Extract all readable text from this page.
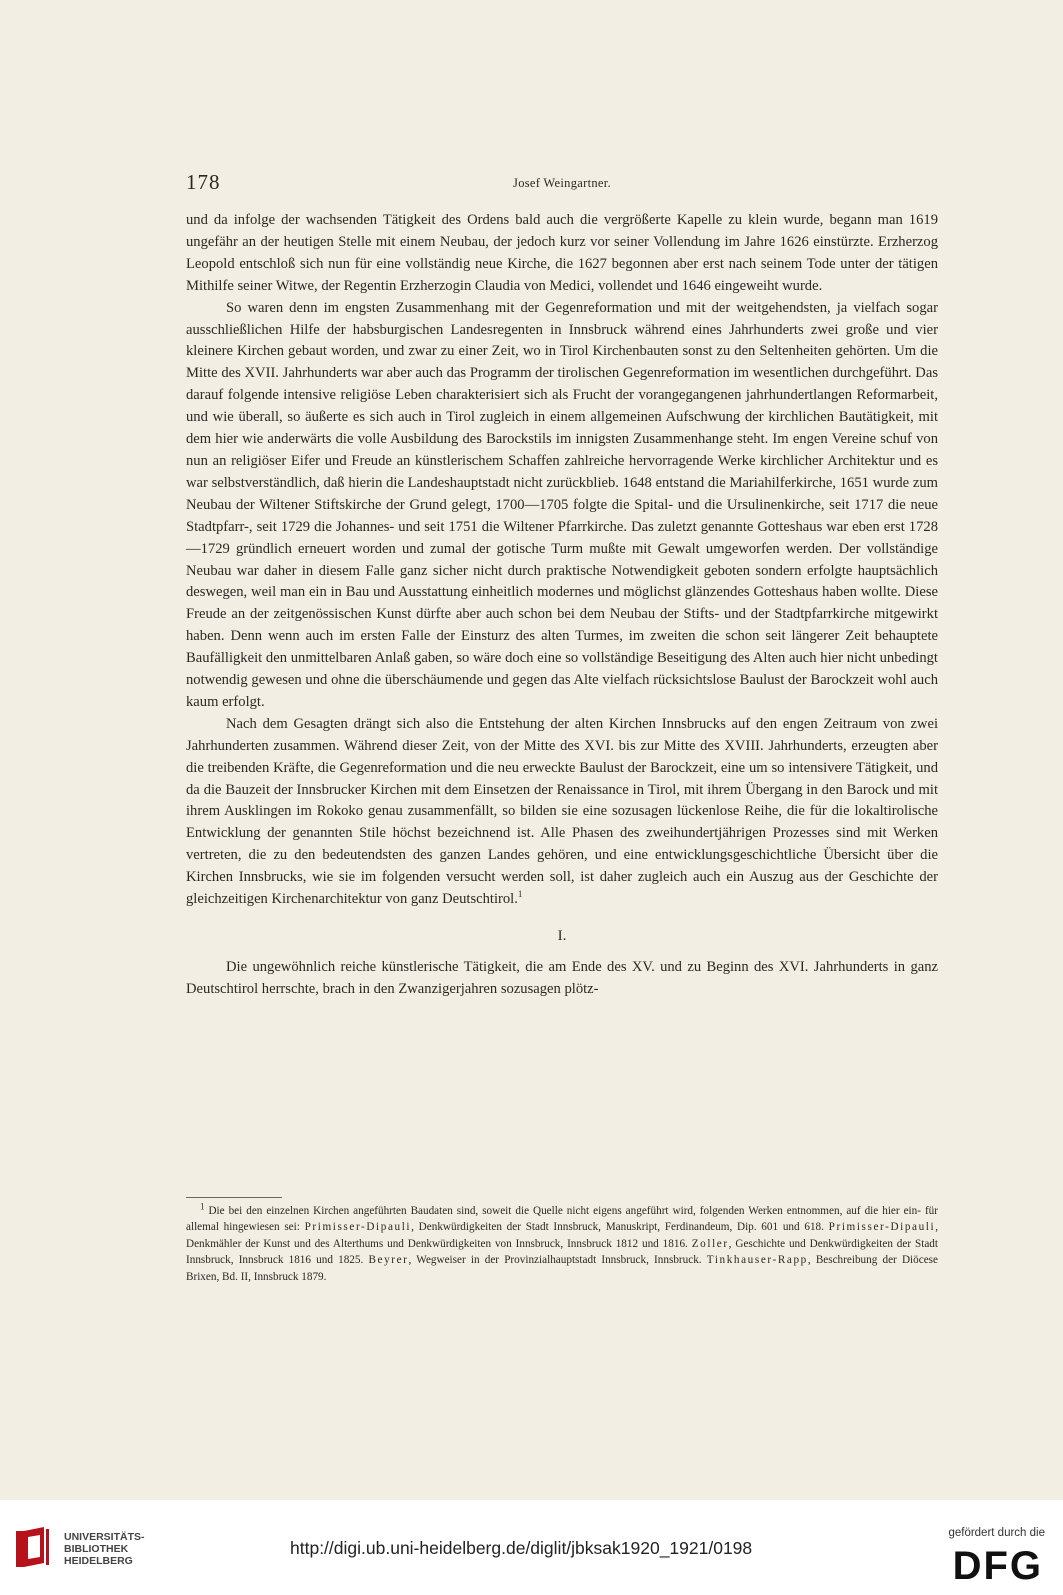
178	Josef Weingartner.

und da infolge der wachsenden Tätigkeit des Ordens bald auch die vergrößerte Kapelle zu klein wurde, begann man 1619 ungefähr an der heutigen Stelle mit einem Neubau, der jedoch kurz vor seiner Vollendung im Jahre 1626 einstürzte. Erzherzog Leopold entschloß sich nun für eine vollständig neue Kirche, die 1627 begonnen aber erst nach seinem Tode unter der tätigen Mithilfe seiner Witwe, der Regentin Erzherzogin Claudia von Medici, vollendet und 1646 eingeweiht wurde.

So waren denn im engsten Zusammenhang mit der Gegenreformation und mit der weitgehendsten, ja vielfach sogar ausschließlichen Hilfe der habsburgischen Landesregenten in Innsbruck während eines Jahrhunderts zwei große und vier kleinere Kirchen gebaut worden, und zwar zu einer Zeit, wo in Tirol Kirchenbauten sonst zu den Seltenheiten gehörten. Um die Mitte des XVII. Jahrhunderts war aber auch das Programm der tirolischen Gegenreformation im wesentlichen durchgeführt. Das darauf folgende intensive religiöse Leben charakterisiert sich als Frucht der vorangegangenen jahrhundertlangen Reformarbeit, und wie überall, so äußerte es sich auch in Tirol zugleich in einem allgemeinen Aufschwung der kirchlichen Bautätigkeit, mit dem hier wie anderwärts die volle Ausbildung des Barockstils im innigsten Zusammenhange steht. Im engen Vereine schuf von nun an religiöser Eifer und Freude an künstlerischem Schaffen zahlreiche hervorragende Werke kirchlicher Architektur und es war selbstverständlich, daß hierin die Landeshauptstadt nicht zurückblieb. 1648 entstand die Mariahilferkirche, 1651 wurde zum Neubau der Wiltener Stiftskirche der Grund gelegt, 1700—1705 folgte die Spital- und die Ursulinenkirche, seit 1717 die neue Stadtpfarr-, seit 1729 die Johannes- und seit 1751 die Wiltener Pfarrkirche. Das zuletzt genannte Gotteshaus war eben erst 1728—1729 gründlich erneuert worden und zumal der gotische Turm mußte mit Gewalt umgeworfen werden. Der vollständige Neubau war daher in diesem Falle ganz sicher nicht durch praktische Notwendigkeit geboten sondern erfolgte hauptsächlich deswegen, weil man ein in Bau und Ausstattung einheitlich modernes und möglichst glänzendes Gotteshaus haben wollte. Diese Freude an der zeitgenössischen Kunst dürfte aber auch schon bei dem Neubau der Stifts- und der Stadtpfarrkirche mitgewirkt haben. Denn wenn auch im ersten Falle der Einsturz des alten Turmes, im zweiten die schon seit längerer Zeit behauptete Baufälligkeit den unmittelbaren Anlaß gaben, so wäre doch eine so vollständige Beseitigung des Alten auch hier nicht unbedingt notwendig gewesen und ohne die überschäumende und gegen das Alte vielfach rücksichtslose Baulust der Barockzeit wohl auch kaum erfolgt.

Nach dem Gesagten drängt sich also die Entstehung der alten Kirchen Innsbrucks auf den engen Zeitraum von zwei Jahrhunderten zusammen. Während dieser Zeit, von der Mitte des XVI. bis zur Mitte des XVIII. Jahrhunderts, erzeugten aber die treibenden Kräfte, die Gegenreformation und die neu erweckte Baulust der Barockzeit, eine um so intensivere Tätigkeit, und da die Bauzeit der Innsbrucker Kirchen mit dem Einsetzen der Renaissance in Tirol, mit ihrem Übergang in den Barock und mit ihrem Ausklingen im Rokoko genau zusammenfällt, so bilden sie eine sozusagen lückenlose Reihe, die für die lokaltirolische Entwicklung der genannten Stile höchst bezeichnend ist. Alle Phasen des zweihundertjährigen Prozesses sind mit Werken vertreten, die zu den bedeutendsten des ganzen Landes gehören, und eine entwicklungsgeschichtliche Übersicht über die Kirchen Innsbrucks, wie sie im folgenden versucht werden soll, ist daher zugleich auch ein Auszug aus der Geschichte der gleichzeitigen Kirchenarchitektur von ganz Deutschtirol.$^1$

I.

Die ungewöhnlich reiche künstlerische Tätigkeit, die am Ende des XV. und zu Beginn des XVI. Jahrhunderts in ganz Deutschtirol herrschte, brach in den Zwanzigerjahren sozusagen plötz-

$^1$ Die bei den einzelnen Kirchen angeführten Baudaten sind, soweit die Quelle nicht eigens angeführt wird, folgenden Werken entnommen, auf die hier ein- für allemal hingewiesen sei: Primisser-Dipauli, Denkwürdigkeiten der Stadt Innsbruck, Manuskript, Ferdinandeum, Dip. 601 und 618. Primisser-Dipauli, Denkmähler der Kunst und des Alterthums und Denkwürdigkeiten von Innsbruck, Innsbruck 1812 und 1816. Zoller, Geschichte und Denkwürdigkeiten der Stadt Innsbruck, Innsbruck 1816 und 1825. Beyrer, Wegweiser in der Provinzialhauptstadt Innsbruck, Innsbruck. Tinkhauser-Rapp, Beschreibung der Diöcese Brixen, Bd. II, Innsbruck 1879.

UNIVERSITÄTS-
BIBLIOTHEK
HEIDELBERG
http://digi.ub.uni-heidelberg.de/diglit/jbksak1920_1921/0198
gefördert durch die
DFG
